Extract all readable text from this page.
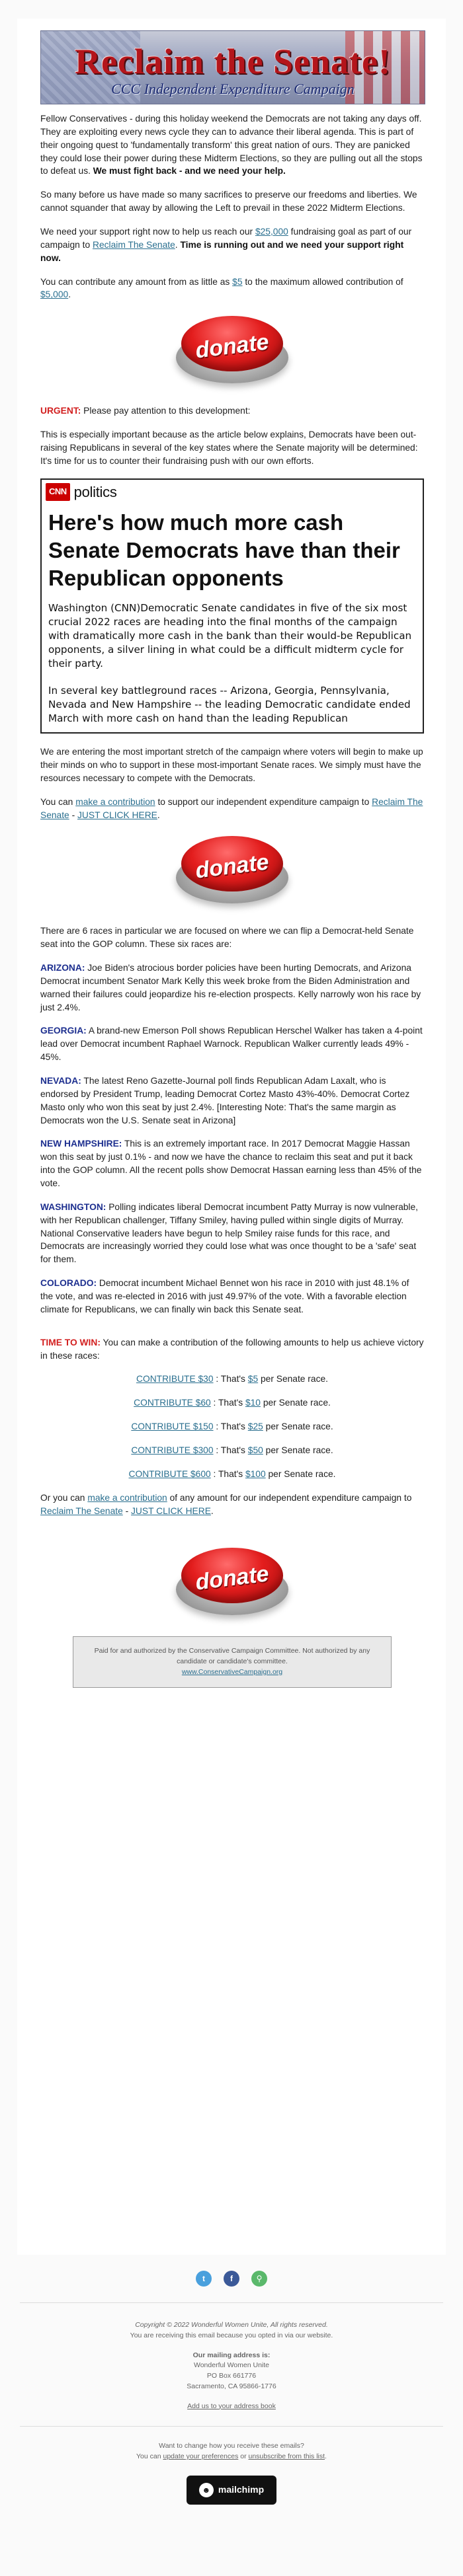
Reclaim the Senate!
CCC Independent Expenditure Campaign

Fellow Conservatives - during this holiday weekend the Democrats are not taking any days off. They are exploiting every news cycle they can to advance their liberal agenda. This is part of their ongoing quest to 'fundamentally transform' this great nation of ours. They are panicked they could lose their power during these Midterm Elections, so they are pulling out all the stops to defeat us. We must fight back - and we need your help.

So many before us have made so many sacrifices to preserve our freedoms and liberties. We cannot squander that away by allowing the Left to prevail in these 2022 Midterm Elections.

We need your support right now to help us reach our $25,000 fundraising goal as part of our campaign to Reclaim The Senate. Time is running out and we need your support right now.

You can contribute any amount from as little as $5 to the maximum allowed contribution of $5,000.

donate

URGENT: Please pay attention to this development:

This is especially important because as the article below explains, Democrats have been out-raising Republicans in several of the key states where the Senate majority will be determined: It's time for us to counter their fundraising push with our own efforts.

CNN politics
Here's how much more cash Senate Democrats have than their Republican opponents

Washington (CNN)Democratic Senate candidates in five of the six most crucial 2022 races are heading into the final months of the campaign with dramatically more cash in the bank than their would-be Republican opponents, a silver lining in what could be a difficult midterm cycle for their party.

In several key battleground races -- Arizona, Georgia, Pennsylvania, Nevada and New Hampshire -- the leading Democratic candidate ended March with more cash on hand than the leading Republican

We are entering the most important stretch of the campaign where voters will begin to make up their minds on who to support in these most-important Senate races. We simply must have the resources necessary to compete with the Democrats.

You can make a contribution to support our independent expenditure campaign to Reclaim The Senate - JUST CLICK HERE.

donate

There are 6 races in particular we are focused on where we can flip a Democrat-held Senate seat into the GOP column. These six races are:

ARIZONA: Joe Biden's atrocious border policies have been hurting Democrats, and Arizona Democrat incumbent Senator Mark Kelly this week broke from the Biden Administration and warned their failures could jeopardize his re-election prospects. Kelly narrowly won his race by just 2.4%.

GEORGIA: A brand-new Emerson Poll shows Republican Herschel Walker has taken a 4-point lead over Democrat incumbent Raphael Warnock. Republican Walker currently leads 49% - 45%.

NEVADA: The latest Reno Gazette-Journal poll finds Republican Adam Laxalt, who is endorsed by President Trump, leading Democrat Cortez Masto 43%-40%. Democrat Cortez Masto only who won this seat by just 2.4%. [Interesting Note: That's the same margin as Democrats won the U.S. Senate seat in Arizona]

NEW HAMPSHIRE: This is an extremely important race. In 2017 Democrat Maggie Hassan won this seat by just 0.1% - and now we have the chance to reclaim this seat and put it back into the GOP column. All the recent polls show Democrat Hassan earning less than 45% of the vote.

WASHINGTON: Polling indicates liberal Democrat incumbent Patty Murray is now vulnerable, with her Republican challenger, Tiffany Smiley, having pulled within single digits of Murray. National Conservative leaders have begun to help Smiley raise funds for this race, and Democrats are increasingly worried they could lose what was once thought to be a 'safe' seat for them.

COLORADO: Democrat incumbent Michael Bennet won his race in 2010 with just 48.1% of the vote, and was re-elected in 2016 with just 49.97% of the vote. With a favorable election climate for Republicans, we can finally win back this Senate seat.

TIME TO WIN: You can make a contribution of the following amounts to help us achieve victory in these races:

CONTRIBUTE $30 : That's $5 per Senate race.

CONTRIBUTE $60 : That's $10 per Senate race.

CONTRIBUTE $150 : That's $25 per Senate race.

CONTRIBUTE $300 : That's $50 per Senate race.

CONTRIBUTE $600 : That's $100 per Senate race.

Or you can make a contribution of any amount for our independent expenditure campaign to Reclaim The Senate - JUST CLICK HERE.

donate
Paid for and authorized by the Conservative Campaign Committee. Not authorized by any candidate or candidate's committee.
www.ConservativeCampaign.org
t	f	⚲

Copyright © 2022 Wonderful Women Unite, All rights reserved.
You are receiving this email because you opted in via our website.

Our mailing address is:
Wonderful Women Unite
PO Box 661776
Sacramento, CA 95866-1776

Add us to your address book

Want to change how you receive these emails?
You can update your preferences or unsubscribe from this list.

☻ mailchimp
